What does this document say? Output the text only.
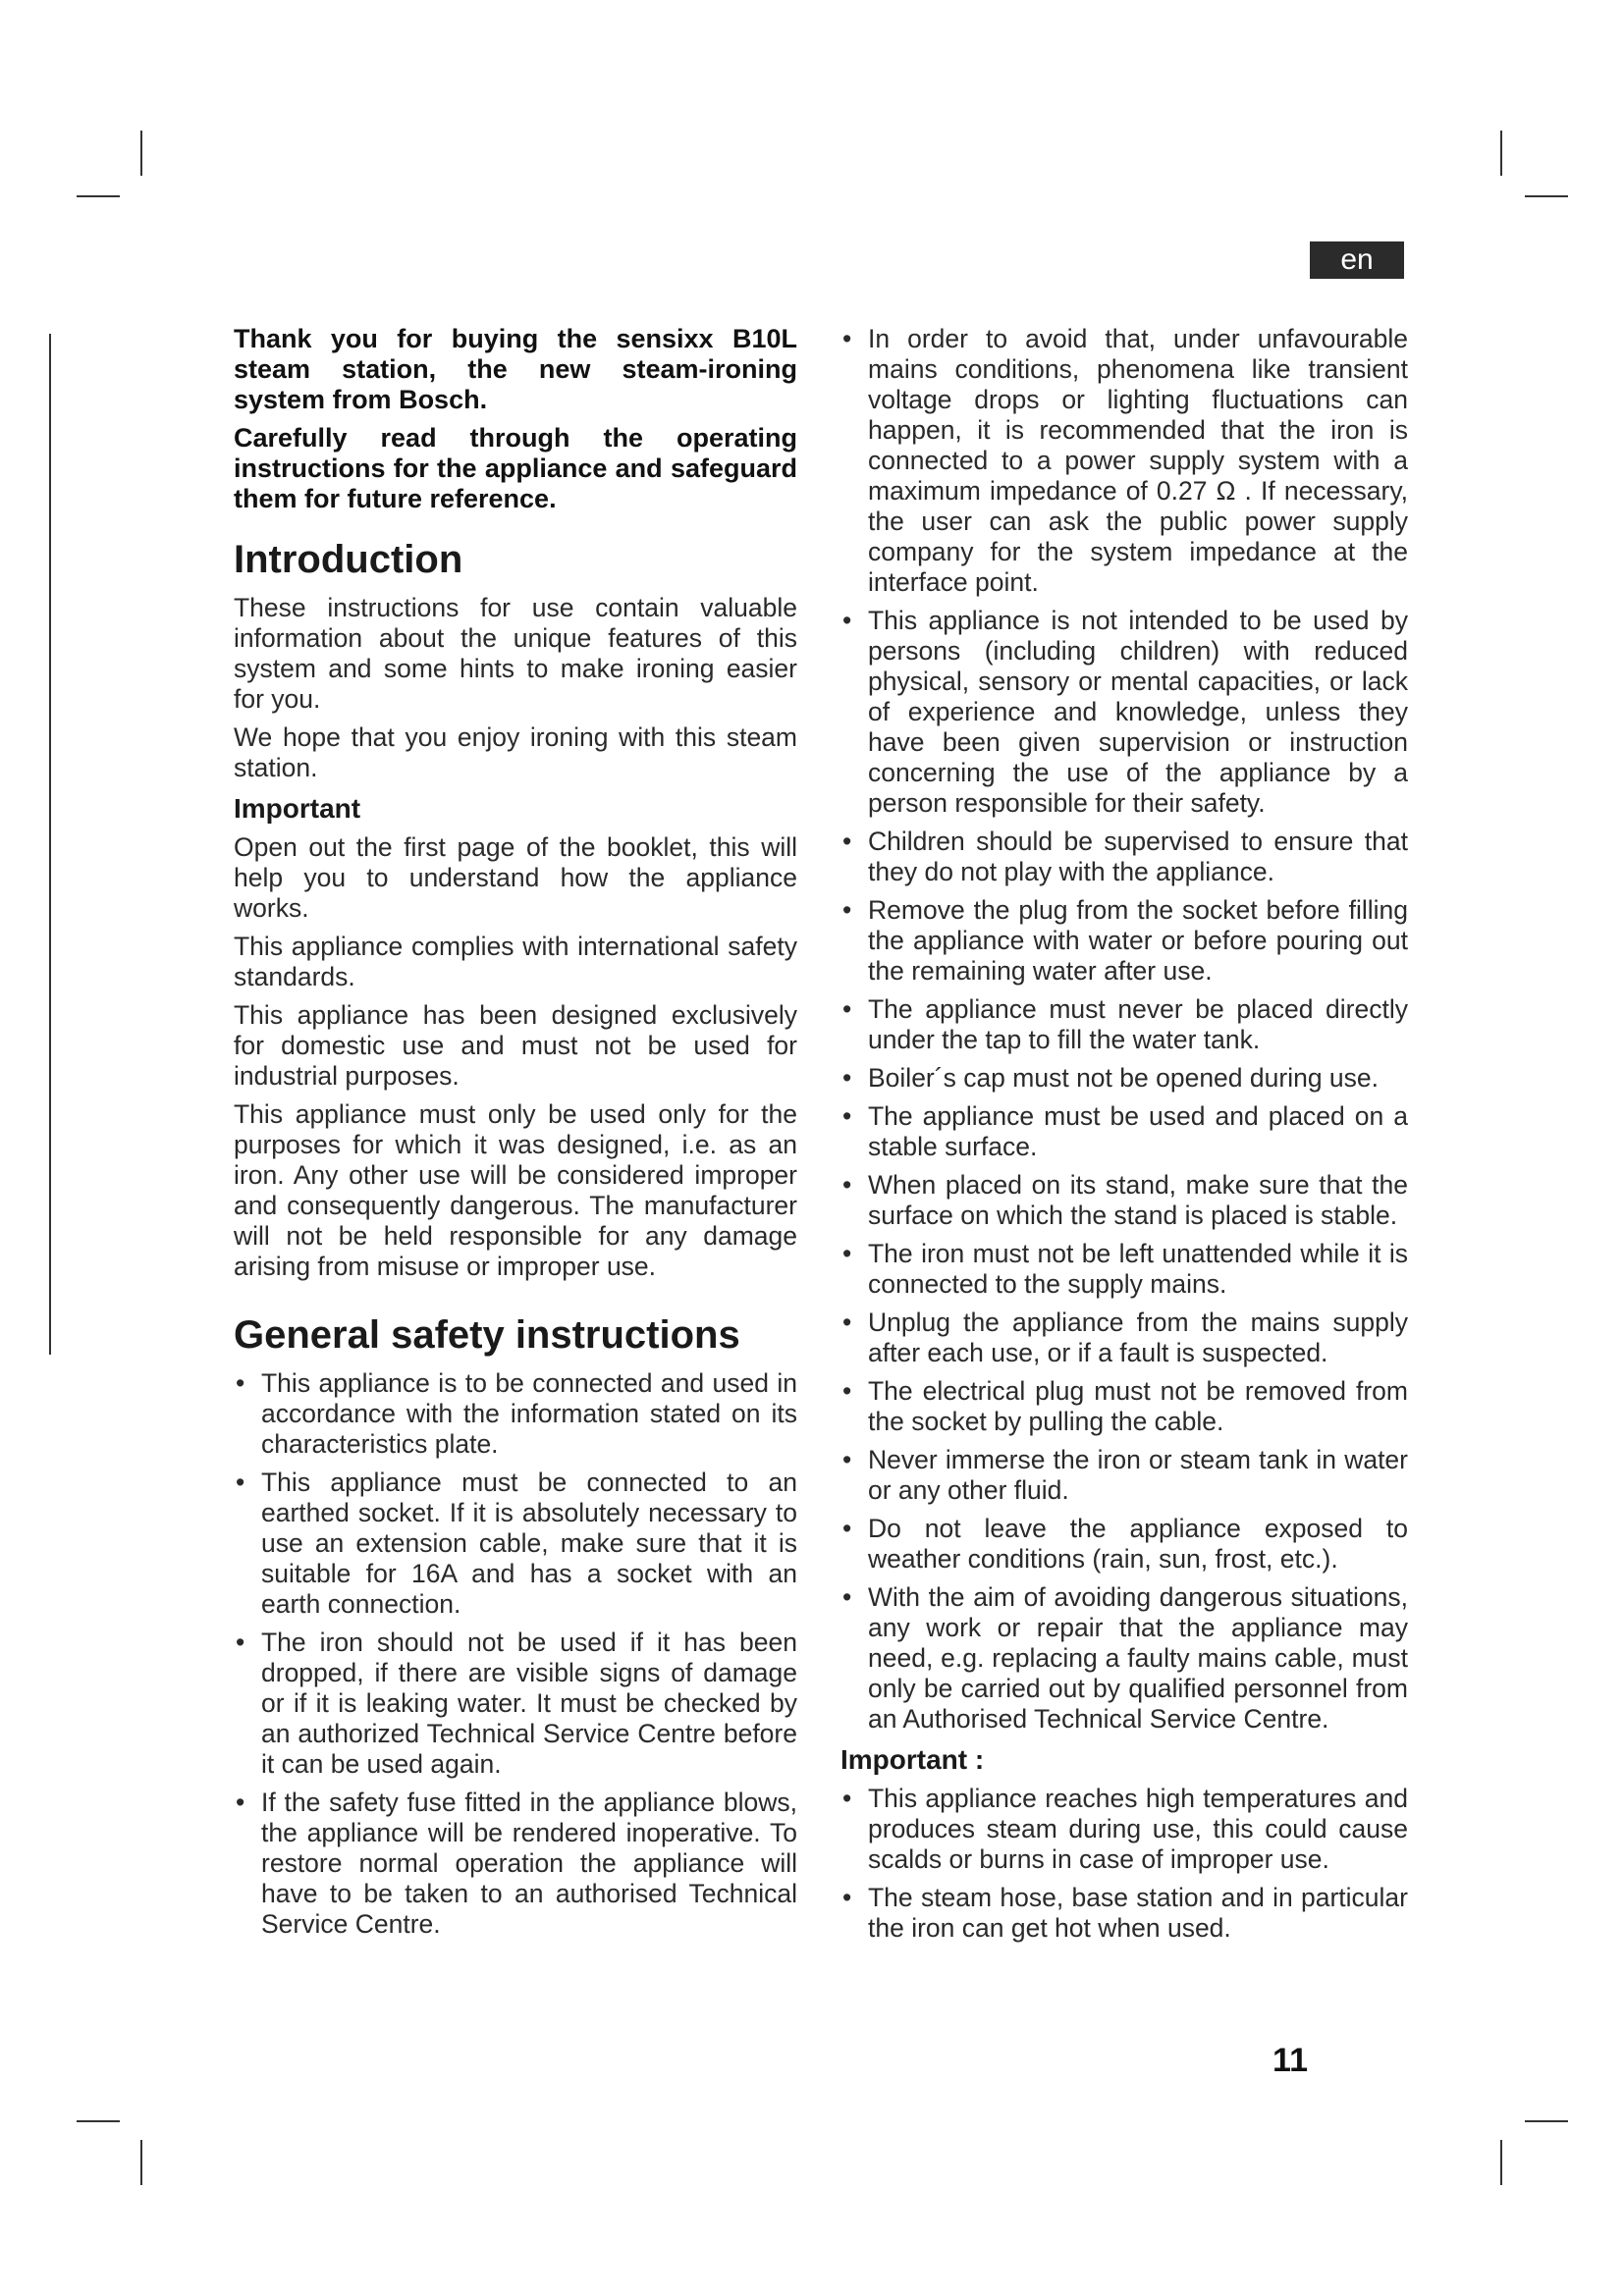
en

Thank you for buying the sensixx B10L steam station, the new steam-ironing system from Bosch.

Carefully read through the operating instructions for the appliance and safeguard them for future reference.

Introduction

These instructions for use contain valuable information about the unique features of this system and some hints to make ironing easier for you.

We hope that you enjoy ironing with this steam station.

Important

Open out the first page of the booklet, this will help you to understand how the appliance works.

This appliance complies with international safety standards.

This appliance has been designed exclusively for domestic use and must not be used for industrial purposes.

This appliance must only be used only for the purposes for which it was designed, i.e. as an iron. Any other use will be considered improper and consequently dangerous. The manufacturer will not be held responsible for any damage arising from misuse or improper use.

General safety instructions
• This appliance is to be connected and used in accordance with the information stated on its characteristics plate.
• This appliance must be connected to an earthed socket. If it is absolutely necessary to use an extension cable, make sure that it is suitable for 16A and has a socket with an earth connection.
• The iron should not be used if it has been dropped, if there are visible signs of damage or if it is leaking water. It must be checked by an authorized Technical Service Centre before it can be used again.
• If the safety fuse fitted in the appliance blows, the appliance will be rendered inoperative. To restore normal operation the appliance will have to be taken to an authorised Technical Service Centre.
• In order to avoid that, under unfavourable mains conditions, phenomena like transient voltage drops or lighting fluctuations can happen, it is recommended that the iron is connected to a power supply system with a maximum impedance of 0.27 Ω . If necessary, the user can ask the public power supply company for the system impedance at the interface point.
• This appliance is not intended to be used by persons (including children) with reduced physical, sensory or mental capacities, or lack of experience and knowledge, unless they have been given supervision or instruction concerning the use of the appliance by a person responsible for their safety.
• Children should be supervised to ensure that they do not play with the appliance.
• Remove the plug from the socket before filling the appliance with water or before pouring out the remaining water after use.
• The appliance must never be placed directly under the tap to fill the water tank.
• Boiler´s cap must not be opened during use.
• The appliance must be used and placed on a stable surface.
• When placed on its stand, make sure that the surface on which the stand is placed is stable.
• The iron must not be left unattended while it is connected to the supply mains.
• Unplug the appliance from the mains supply after each use, or if a fault is suspected.
• The electrical plug must not be removed from the socket by pulling the cable.
• Never immerse the iron or steam tank in water or any other fluid.
• Do not leave the appliance exposed to weather conditions (rain, sun, frost, etc.).
• With the aim of avoiding dangerous situations, any work or repair that the appliance may need, e.g. replacing a faulty mains cable, must only be carried out by qualified personnel from an Authorised Technical Service Centre.
Important :
• This appliance reaches high temperatures and produces steam during use, this could cause scalds or burns in case of improper use.
• The steam hose, base station and in particular the iron can get hot when used.
11
